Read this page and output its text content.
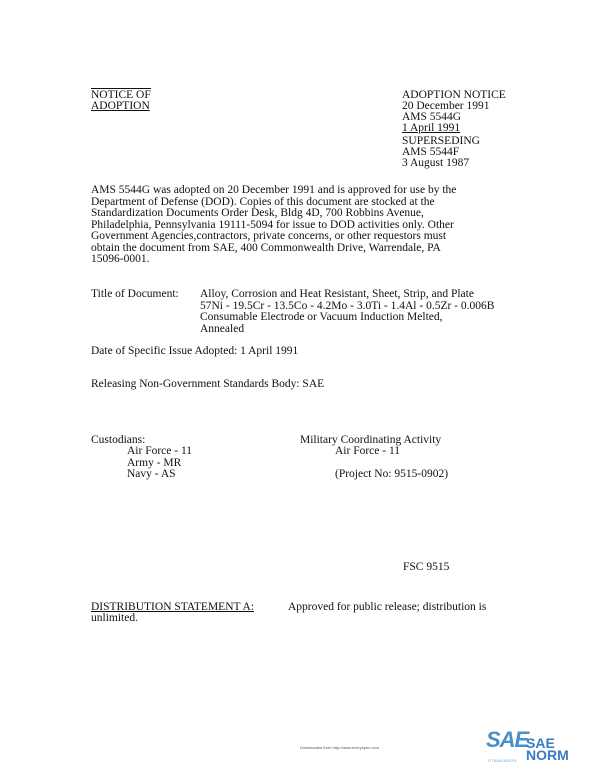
NOTICE OF
ADOPTION
ADOPTION NOTICE
20 December 1991
AMS 5544G
1 April 1991
SUPERSEDING
AMS 5544F
3 August 1987
AMS 5544G was adopted on 20 December 1991 and is approved for use by the
Department of Defense (DOD). Copies of this document are stocked at the
Standardization Documents Order Desk, Bldg 4D, 700 Robbins Avenue,
Philadelphia, Pennsylvania 19111-5094 for issue to DOD activities only. Other
Government Agencies,contractors, private concerns, or other requestors must
obtain the document from SAE, 400 Commonwealth Drive, Warrendale, PA
15096-0001.
Title of Document: Alloy, Corrosion and Heat Resistant, Sheet, Strip, and Plate
57Ni - 19.5Cr - 13.5Co - 4.2Mo - 3.0Ti - 1.4Al - 0.5Zr - 0.006B
Consumable Electrode or Vacuum Induction Melted,
Annealed
Date of Specific Issue Adopted: 1 April 1991
Releasing Non-Government Standards Body: SAE
Custodians:
Air Force - 11
Army - MR
Navy - AS
Military Coordinating Activity
Air Force - 11
(Project No: 9515-0902)
FSC 9515
DISTRIBUTION STATEMENT A:	Approved for public release; distribution is
unlimited.
Downloaded from http://www.everyspec.com	SAE
SAE NORM
STANDARDS
